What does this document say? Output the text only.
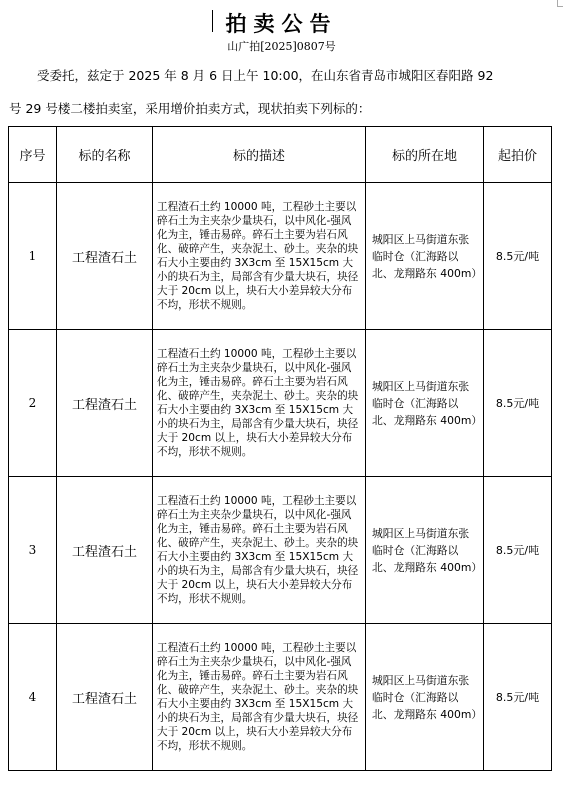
拍卖公告
山广拍[2025]0807号
受委托，兹定于 2025 年 8 月 6 日上午 10:00，在山东省青岛市城阳区春阳路 92
号 29 号楼二楼拍卖室，采用增价拍卖方式，现状拍卖下列标的：
序号	标的名称	标的描述	标的所在地	起拍价
1	工程渣石土	工程渣石土约 10000 吨，工程砂土主要以碎石土为主夹杂少量块石，以中风化-强风化为主，锤击易碎。碎石土主要为岩石风化、破碎产生，夹杂泥土、砂土。夹杂的块石大小主要由约 3X3cm 至 15X15cm 大小的块石为主，局部含有少量大块石，块径大于 20cm 以上，块石大小差异较大分布不均，形状不规则。	城阳区上马街道东张临时仓（汇海路以北、龙翔路东 400m）	8.5元/吨
2	工程渣石土	工程渣石土约 10000 吨，工程砂土主要以碎石土为主夹杂少量块石，以中风化-强风化为主，锤击易碎。碎石土主要为岩石风化、破碎产生，夹杂泥土、砂土。夹杂的块石大小主要由约 3X3cm 至 15X15cm 大小的块石为主，局部含有少量大块石，块径大于 20cm 以上，块石大小差异较大分布不均，形状不规则。	城阳区上马街道东张临时仓（汇海路以北、龙翔路东 400m）	8.5元/吨
3	工程渣石土	工程渣石土约 10000 吨，工程砂土主要以碎石土为主夹杂少量块石，以中风化-强风化为主，锤击易碎。碎石土主要为岩石风化、破碎产生，夹杂泥土、砂土。夹杂的块石大小主要由约 3X3cm 至 15X15cm 大小的块石为主，局部含有少量大块石，块径大于 20cm 以上，块石大小差异较大分布不均，形状不规则。	城阳区上马街道东张临时仓（汇海路以北、龙翔路东 400m）	8.5元/吨
4	工程渣石土	工程渣石土约 10000 吨，工程砂土主要以碎石土为主夹杂少量块石，以中风化-强风化为主，锤击易碎。碎石土主要为岩石风化、破碎产生，夹杂泥土、砂土。夹杂的块石大小主要由约 3X3cm 至 15X15cm 大小的块石为主，局部含有少量大块石，块径大于 20cm 以上，块石大小差异较大分布不均，形状不规则。	城阳区上马街道东张临时仓（汇海路以北、龙翔路东 400m）	8.5元/吨
